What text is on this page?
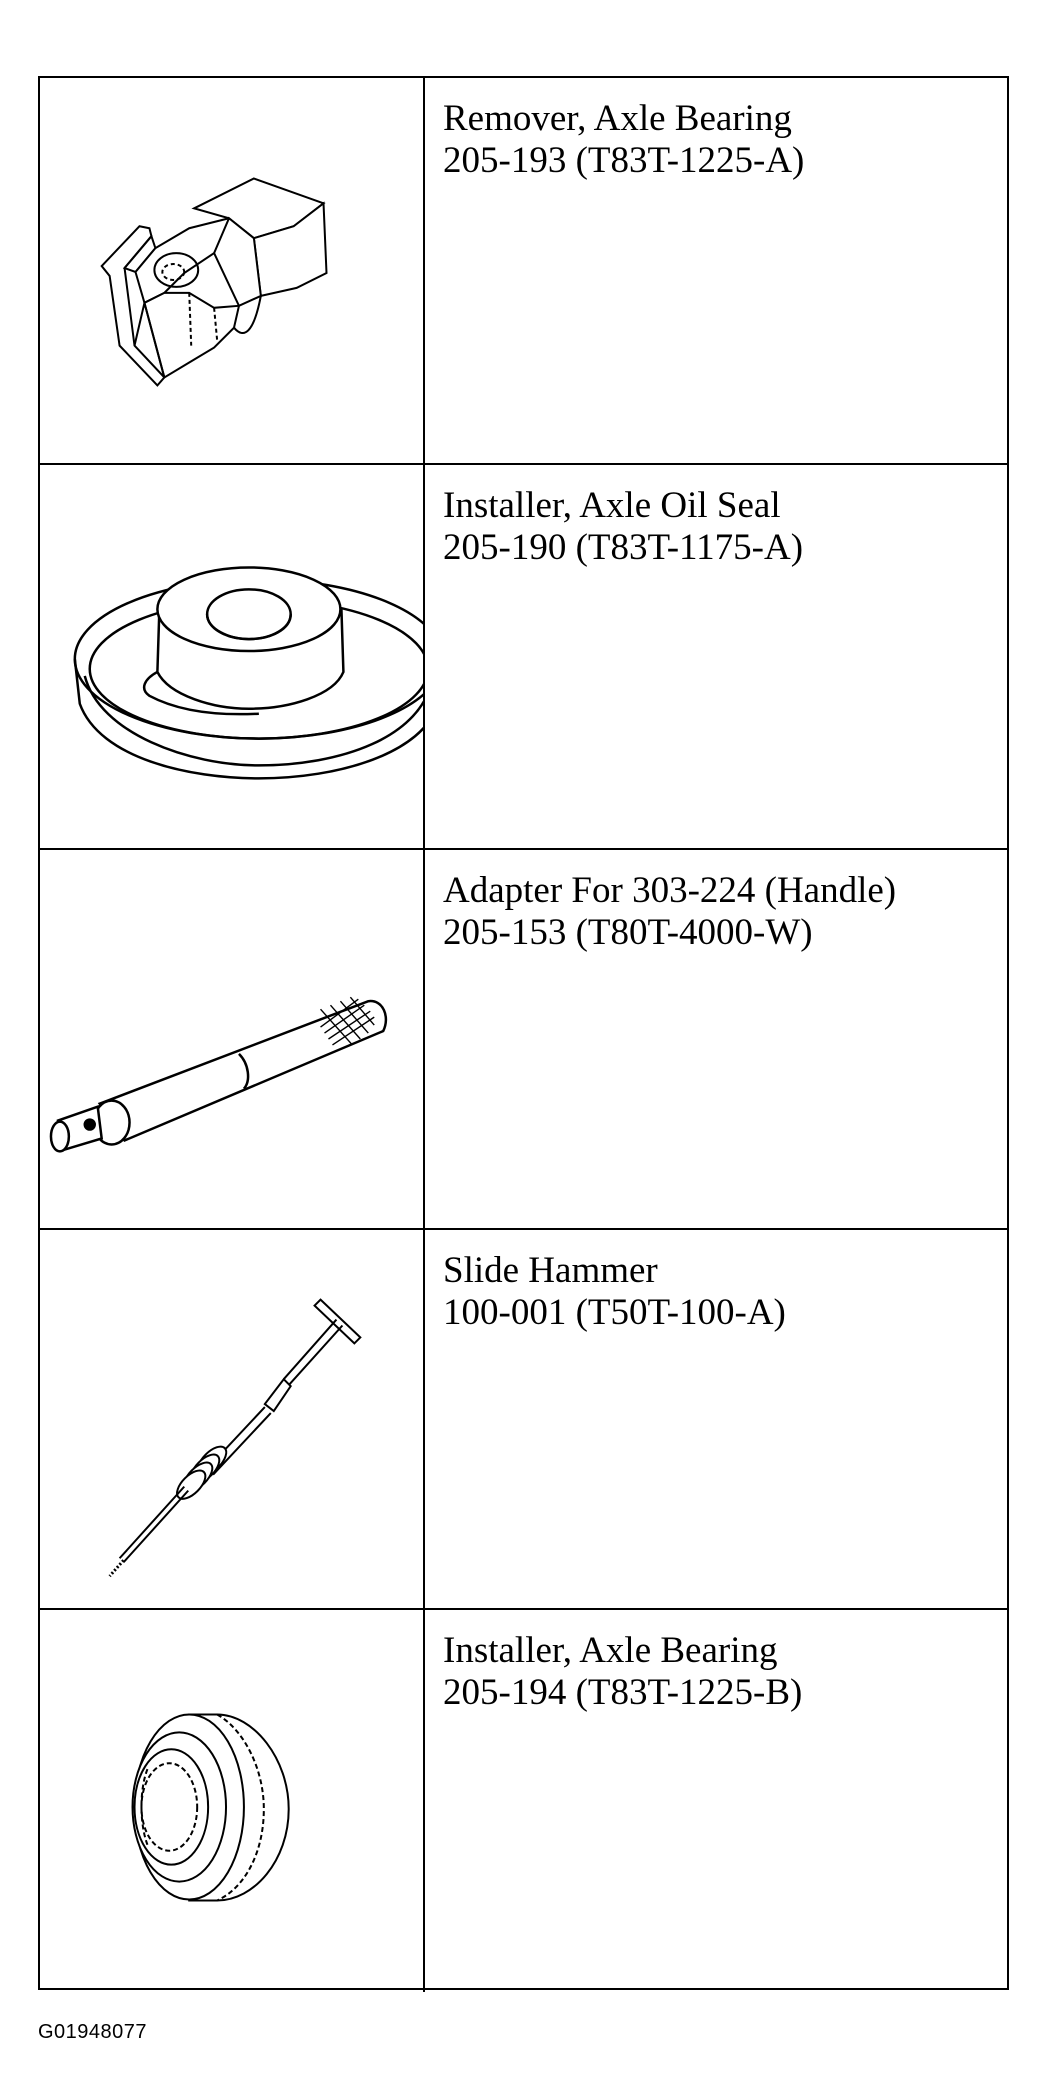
Remover, Axle Bearing
205-193 (T83T-1225-A)
Installer, Axle Oil Seal
205-190 (T83T-1175-A)
Adapter For 303-224 (Handle)
205-153 (T80T-4000-W)
Slide Hammer
100-001 (T50T-100-A)
Installer, Axle Bearing
205-194 (T83T-1225-B)
G01948077
